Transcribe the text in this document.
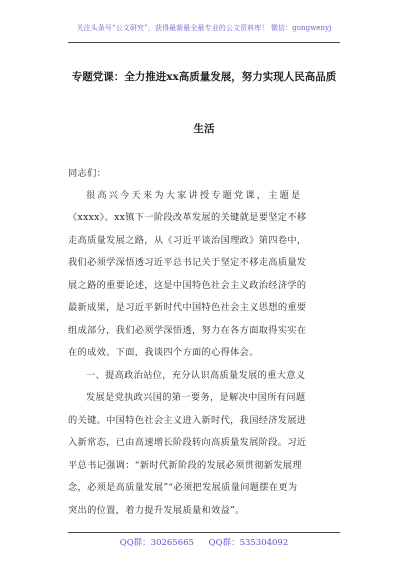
关注头条号“公文研究”，获得最新最全最专业的公文资料库！ 微信：gongwenyj
专题党课：全力推进xx高质量发展，努力实现人民高品质
生活
同志们：
很高兴今天来为大家讲授专题党课，主题是
《xxxx》。xx镇下一阶段改革发展的关键就是要坚定不移
走高质量发展之路，从《习近平谈治国理政》第四卷中，
我们必须学深悟透习近平总书记关于坚定不移走高质量发
展之路的重要论述，这是中国特色社会主义政治经济学的
最新成果，是习近平新时代中国特色社会主义思想的重要
组成部分，我们必须学深悟透，努力在各方面取得实实在
在的成效。下面，我谈四个方面的心得体会。
一、提高政治站位，充分认识高质量发展的重大意义
发展是党执政兴国的第一要务，是解决中国所有问题
的关键。中国特色社会主义进入新时代，我国经济发展进
入新常态，已由高速增长阶段转向高质量发展阶段。习近
平总书记强调：“新时代新阶段的发展必须贯彻新发展理
念，必须是高质量发展”“必须把发展质量问题摆在更为
突出的位置，着力提升发展质量和效益”。
QQ群：30265665 QQ群：535304092
